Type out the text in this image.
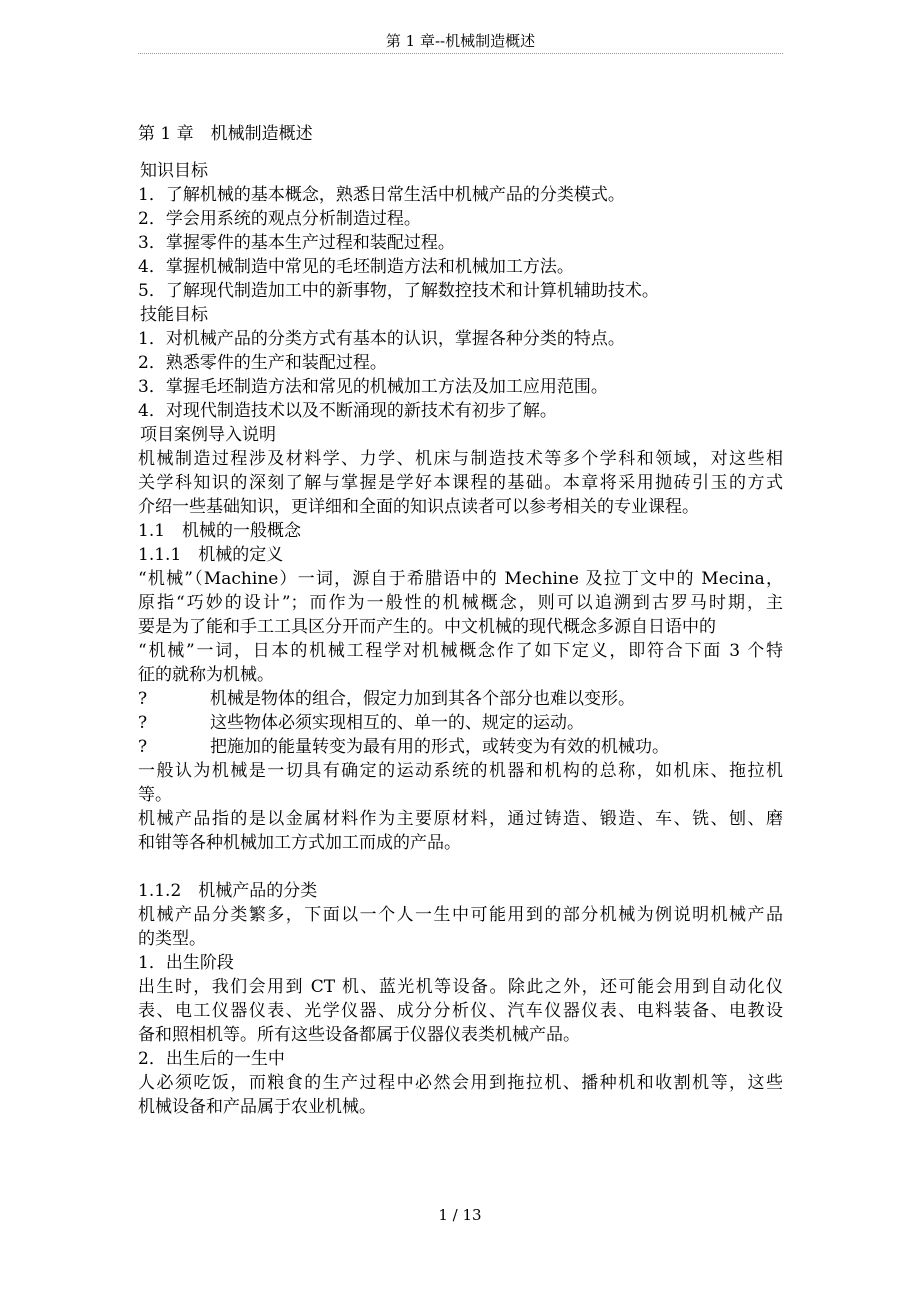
第 1 章--机械制造概述
第 1 章　机械制造概述
知识目标
1．了解机械的基本概念，熟悉日常生活中机械产品的分类模式。
2．学会用系统的观点分析制造过程。
3．掌握零件的基本生产过程和装配过程。
4．掌握机械制造中常见的毛坯制造方法和机械加工方法。
5．了解现代制造加工中的新事物，了解数控技术和计算机辅助技术。
技能目标
1．对机械产品的分类方式有基本的认识，掌握各种分类的特点。
2．熟悉零件的生产和装配过程。
3．掌握毛坯制造方法和常见的机械加工方法及加工应用范围。
4．对现代制造技术以及不断涌现的新技术有初步了解。
项目案例导入说明
机械制造过程涉及材料学、力学、机床与制造技术等多个学科和领域，对这些相
关学科知识的深刻了解与掌握是学好本课程的基础。本章将采用抛砖引玉的方式
介绍一些基础知识，更详细和全面的知识点读者可以参考相关的专业课程。
1.1　机械的一般概念
1.1.1　机械的定义
“机械”（Machine）一词，源自于希腊语中的 Mechine 及拉丁文中的 Mecina，
原指“巧妙的设计”；而作为一般性的机械概念，则可以追溯到古罗马时期，主
要是为了能和手工工具区分开而产生的。中文机械的现代概念多源自日语中的
“机械”一词，日本的机械工程学对机械概念作了如下定义，即符合下面 3 个特
征的就称为机械。
?	机械是物体的组合，假定力加到其各个部分也难以变形。
?	这些物体必须实现相互的、单一的、规定的运动。
?	把施加的能量转变为最有用的形式，或转变为有效的机械功。
一般认为机械是一切具有确定的运动系统的机器和机构的总称，如机床、拖拉机
等。
机械产品指的是以金属材料作为主要原材料，通过铸造、锻造、车、铣、刨、磨
和钳等各种机械加工方式加工而成的产品。
1.1.2　机械产品的分类
机械产品分类繁多，下面以一个人一生中可能用到的部分机械为例说明机械产品
的类型。
1．出生阶段
出生时，我们会用到 CT 机、蓝光机等设备。除此之外，还可能会用到自动化仪
表、电工仪器仪表、光学仪器、成分分析仪、汽车仪器仪表、电料装备、电教设
备和照相机等。所有这些设备都属于仪器仪表类机械产品。
2．出生后的一生中
人必须吃饭，而粮食的生产过程中必然会用到拖拉机、播种机和收割机等，这些
机械设备和产品属于农业机械。
1 / 13
